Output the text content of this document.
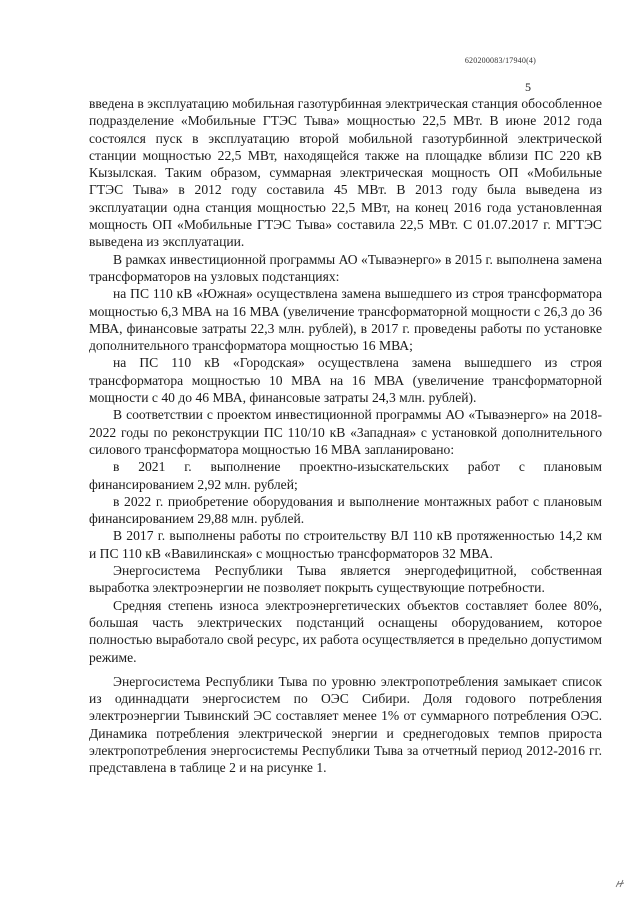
620200083/17940(4)
5

введена в эксплуатацию мобильная газотурбинная электрическая станция обособленное подразделение «Мобильные ГТЭС Тыва» мощностью 22,5 МВт. В июне 2012 года состоялся пуск в эксплуатацию второй мобильной газотурбинной электрической станции мощностью 22,5 МВт, находящейся также на площадке вблизи ПС 220 кВ Кызылская. Таким образом, суммарная электрическая мощность ОП «Мобильные ГТЭС Тыва» в 2012 году составила 45 МВт. В 2013 году была выведена из эксплуатации одна станция мощностью 22,5 МВт, на конец 2016 года установленная мощность ОП «Мобильные ГТЭС Тыва» составила 22,5 МВт. С 01.07.2017 г. МГТЭС выведена из эксплуатации.

В рамках инвестиционной программы АО «Тываэнерго» в 2015 г. выполнена замена трансформаторов на узловых подстанциях:

на ПС 110 кВ «Южная» осуществлена замена вышедшего из строя трансформатора мощностью 6,3 МВА на 16 МВА (увеличение трансформаторной мощности с 26,3 до 36 МВА, финансовые затраты 22,3 млн. рублей), в 2017 г. проведены работы по установке дополнительного трансформатора мощностью 16 МВА;

на ПС 110 кВ «Городская» осуществлена замена вышедшего из строя трансформатора мощностью 10 МВА на 16 МВА (увеличение трансформаторной мощности с 40 до 46 МВА, финансовые затраты 24,3 млн. рублей).

В соответствии с проектом инвестиционной программы АО «Тываэнерго» на 2018-2022 годы по реконструкции ПС 110/10 кВ «Западная» с установкой дополнительного силового трансформатора мощностью 16 МВА запланировано:

в 2021 г. выполнение проектно-изыскательских работ с плановым финансированием 2,92 млн. рублей;

в 2022 г. приобретение оборудования и выполнение монтажных работ с плановым финансированием 29,88 млн. рублей.

В 2017 г. выполнены работы по строительству ВЛ 110 кВ протяженностью 14,2 км и ПС 110 кВ «Вавилинская» с мощностью трансформаторов 32 МВА.

Энергосистема Республики Тыва является энергодефицитной, собственная выработка электроэнергии не позволяет покрыть существующие потребности.

Средняя степень износа электроэнергетических объектов составляет более 80%, большая часть электрических подстанций оснащены оборудованием, которое полностью выработало свой ресурс, их работа осуществляется в предельно допустимом режиме.

Энергосистема Республики Тыва по уровню электропотребления замыкает список из одиннадцати энергосистем по ОЭС Сибири. Доля годового потребления электроэнергии Тывинский ЭС составляет менее 1% от суммарного потребления ОЭС. Динамика потребления электрической энергии и среднегодовых темпов прироста электропотребления энергосистемы Республики Тыва за отчетный период 2012-2016 гг. представлена в таблице 2 и на рисунке 1.
